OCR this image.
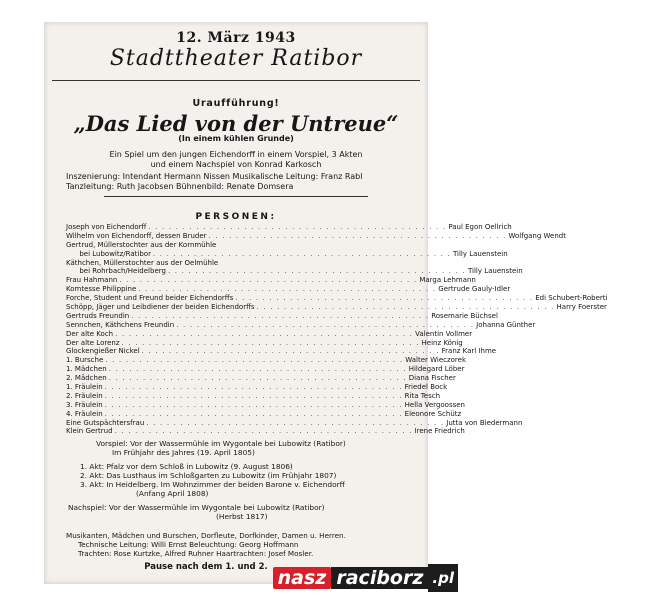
12. März 1943
Stadttheater Ratibor
Uraufführung!
„Das Lied von der Untreue“
(In einem kühlen Grunde)
Ein Spiel um den jungen Eichendorff in einem Vorspiel, 3 Akten
und einem Nachspiel von Konrad Karkosch
Inszenierung: Intendant Hermann Nissen Musikalische Leitung: Franz Rabl
Tanzleitung: Ruth Jacobsen Bühnenbild: Renate Domsera
PERSONEN:
Joseph von Eichendorff . . . . . . . . . . . . . . . . . . . . . . . . . . . . . . . . . . . . . . . . . . . . Paul Egon Oellrich
Wilhelm von Eichendorff, dessen Bruder . . . . . . . . . . . . . . . . . . . . . . . . . . . . . . . . . . . . . . . . . . . . Wolfgang Wendt
Gertrud, Müllerstochter aus der Kornmühle
bei Lubowitz/Ratibor . . . . . . . . . . . . . . . . . . . . . . . . . . . . . . . . . . . . . . . . . . . . Tilly Lauenstein
Käthchen, Müllerstochter aus der Oelmühle
bei Rohrbach/Heidelberg . . . . . . . . . . . . . . . . . . . . . . . . . . . . . . . . . . . . . . . . . . . . Tilly Lauenstein
Frau Hahmann . . . . . . . . . . . . . . . . . . . . . . . . . . . . . . . . . . . . . . . . . . . . Marga Lehmann
Komtesse Philippine . . . . . . . . . . . . . . . . . . . . . . . . . . . . . . . . . . . . . . . . . . . . Gertrude Gauly-Idler
Forche, Student und Freund beider Eichendorffs . . . . . . . . . . . . . . . . . . . . . . . . . . . . . . . . . . . . . . . . . . . . Edi Schubert-Roberti
Schöpp, Jäger und Leibdiener der beiden Eichendorffs . . . . . . . . . . . . . . . . . . . . . . . . . . . . . . . . . . . . . . . . . . . . Harry Foerster
Gertruds Freundin . . . . . . . . . . . . . . . . . . . . . . . . . . . . . . . . . . . . . . . . . . . . Rosemarie Büchsel
Sennchen, Käthchens Freundin . . . . . . . . . . . . . . . . . . . . . . . . . . . . . . . . . . . . . . . . . . . . Johanna Günther
Der alte Koch . . . . . . . . . . . . . . . . . . . . . . . . . . . . . . . . . . . . . . . . . . . . Valentin Vollmer
Der alte Lorenz . . . . . . . . . . . . . . . . . . . . . . . . . . . . . . . . . . . . . . . . . . . . Heinz König
Glockengießer Nickel . . . . . . . . . . . . . . . . . . . . . . . . . . . . . . . . . . . . . . . . . . . . Franz Karl Ihme
1. Bursche . . . . . . . . . . . . . . . . . . . . . . . . . . . . . . . . . . . . . . . . . . . . Walter Wieczorek
1. Mädchen . . . . . . . . . . . . . . . . . . . . . . . . . . . . . . . . . . . . . . . . . . . . Hildegard Löber
2. Mädchen . . . . . . . . . . . . . . . . . . . . . . . . . . . . . . . . . . . . . . . . . . . . Diana Fischer
1. Fräulein . . . . . . . . . . . . . . . . . . . . . . . . . . . . . . . . . . . . . . . . . . . . Friedel Bock
2. Fräulein . . . . . . . . . . . . . . . . . . . . . . . . . . . . . . . . . . . . . . . . . . . . Rita Tesch
3. Fräulein . . . . . . . . . . . . . . . . . . . . . . . . . . . . . . . . . . . . . . . . . . . . Hella Vergoossen
4. Fräulein . . . . . . . . . . . . . . . . . . . . . . . . . . . . . . . . . . . . . . . . . . . . Eleonore Schütz
Eine Gutspächtersfrau . . . . . . . . . . . . . . . . . . . . . . . . . . . . . . . . . . . . . . . . . . . . Jutta von Biedermann
Klein Gertrud . . . . . . . . . . . . . . . . . . . . . . . . . . . . . . . . . . . . . . . . . . . . Irene Friedrich
Vorspiel: Vor der Wassermühle im Wygontale bei Lubowitz (Ratibor)
Im Frühjahr des Jahres (19. April 1805)
1. Akt: Pfalz vor dem Schloß in Lubowitz (9. August 1806)
2. Akt: Das Lusthaus im Schloßgarten zu Lubowitz (im Frühjahr 1807)
3. Akt: In Heidelberg. Im Wohnzimmer der beiden Barone v. Eichendorff
(Anfang April 1808)
Nachspiel: Vor der Wassermühle im Wygontale bei Lubowitz (Ratibor)
(Herbst 1817)
Musikanten, Mädchen und Burschen, Dorfleute, Dorfkinder, Damen u. Herren.
Technische Leitung: Willi Ernst Beleuchtung: Georg Hoffmann
Trachten: Rose Kurtzke, Alfred Ruhner Haartrachten: Josef Mosler.
Pause nach dem 1. und 2. nasz raciborz .pl
